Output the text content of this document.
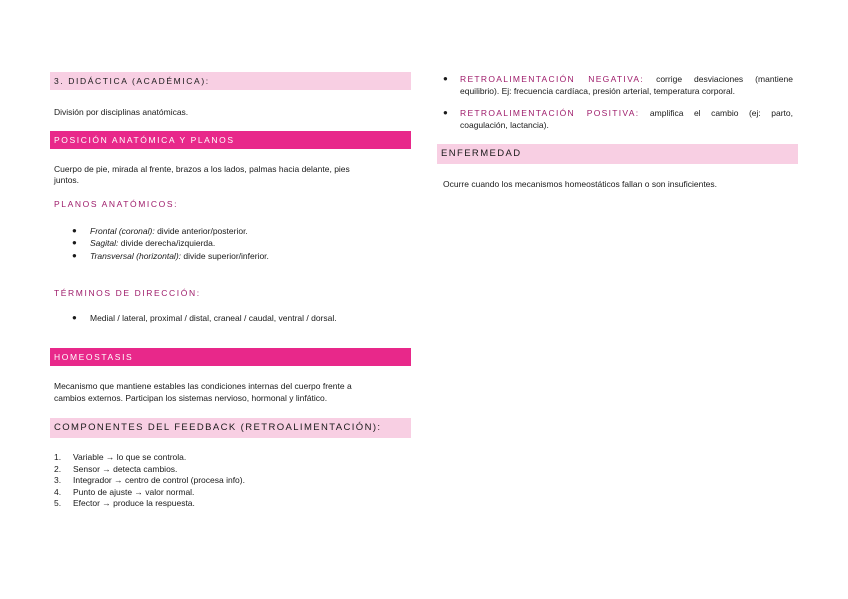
3. DIDÁCTICA (ACADÉMICA):
División por disciplinas anatómicas.
POSICIÓN ANATÓMICA Y PLANOS
Cuerpo de pie, mirada al frente, brazos a los lados, palmas hacia delante, pies
juntos.
PLANOS ANATÓMICOS:
● Frontal (coronal): divide anterior/posterior.
● Sagital: divide derecha/izquierda.
● Transversal (horizontal): divide superior/inferior.
TÉRMINOS DE DIRECCIÓN:
● Medial / lateral, proximal / distal, craneal / caudal, ventral / dorsal.
HOMEOSTASIS
Mecanismo que mantiene estables las condiciones internas del cuerpo frente a
cambios externos. Participan los sistemas nervioso, hormonal y linfático.
COMPONENTES DEL FEEDBACK (RETROALIMENTACIÓN):
1. Variable → lo que se controla.
2. Sensor → detecta cambios.
3. Integrador → centro de control (procesa info).
4. Punto de ajuste → valor normal.
5. Efector → produce la respuesta.
● RETROALIMENTACIÓN NEGATIVA: corrige desviaciones (mantiene
equilibrio). Ej: frecuencia cardíaca, presión arterial, temperatura corporal.
● RETROALIMENTACIÓN POSITIVA: amplifica el cambio (ej: parto,
coagulación, lactancia).
ENFERMEDAD
Ocurre cuando los mecanismos homeostáticos fallan o son insuficientes.
